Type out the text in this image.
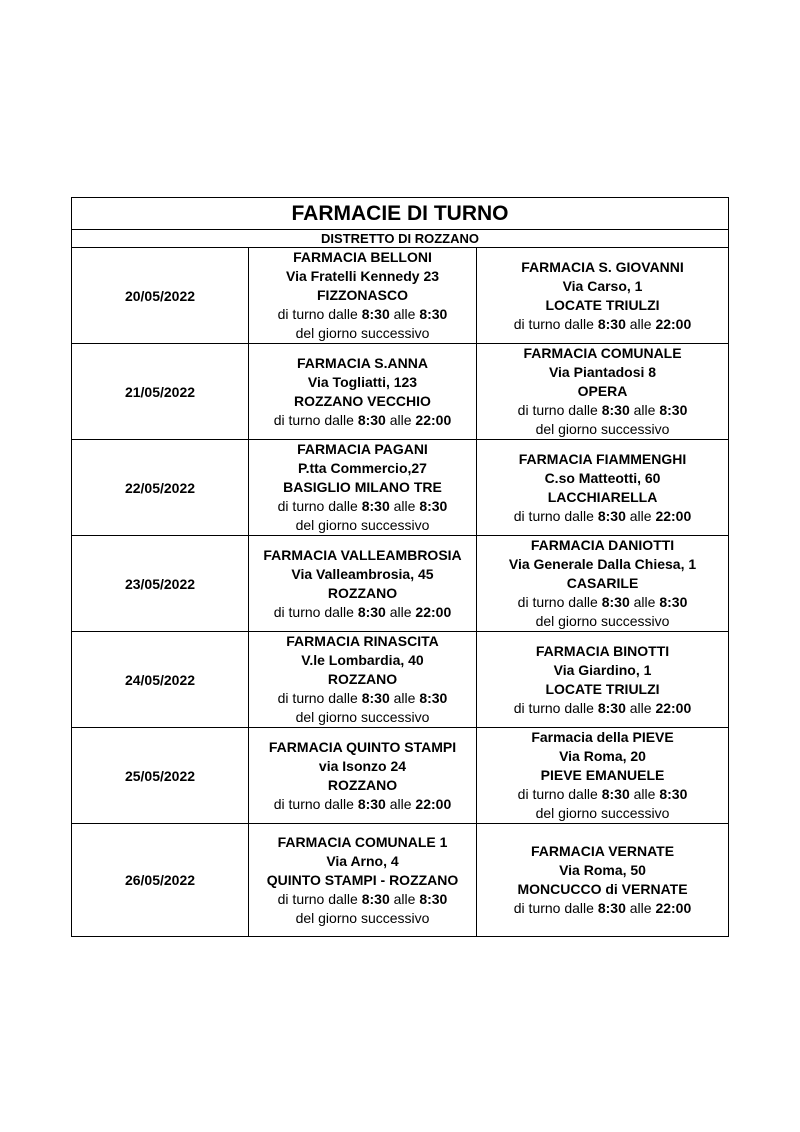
FARMACIE DI TURNO		
DISTRETTO DI ROZZANO		
20/05/2022	FARMACIA BELLONI
Via Fratelli Kennedy 23
FIZZONASCO
di turno dalle 8:30 alle 8:30
del giorno successivo	FARMACIA S. GIOVANNI
Via Carso, 1
LOCATE TRIULZI
di turno dalle 8:30 alle 22:00

21/05/2022	FARMACIA S.ANNA
Via Togliatti, 123
ROZZANO VECCHIO
di turno dalle 8:30 alle 22:00	FARMACIA COMUNALE
Via Piantadosi 8
OPERA
di turno dalle 8:30 alle 8:30
del giorno successivo

22/05/2022	FARMACIA PAGANI
P.tta Commercio,27
BASIGLIO MILANO TRE
di turno dalle 8:30 alle 8:30
del giorno successivo	FARMACIA FIAMMENGHI
C.so Matteotti, 60
LACCHIARELLA
di turno dalle 8:30 alle 22:00

23/05/2022	FARMACIA VALLEAMBROSIA
Via Valleambrosia, 45
ROZZANO
di turno dalle 8:30 alle 22:00	FARMACIA DANIOTTI
Via Generale Dalla Chiesa, 1
CASARILE
di turno dalle 8:30 alle 8:30
del giorno successivo

24/05/2022	FARMACIA RINASCITA
V.le Lombardia, 40
ROZZANO
di turno dalle 8:30 alle 8:30
del giorno successivo	FARMACIA BINOTTI
Via Giardino, 1
LOCATE TRIULZI
di turno dalle 8:30 alle 22:00

25/05/2022	FARMACIA QUINTO STAMPI
via Isonzo 24
ROZZANO
di turno dalle 8:30 alle 22:00	Farmacia della PIEVE
Via Roma, 20
PIEVE EMANUELE
di turno dalle 8:30 alle 8:30
del giorno successivo

26/05/2022	FARMACIA COMUNALE 1
Via Arno, 4
QUINTO STAMPI - ROZZANO
di turno dalle 8:30 alle 8:30
del giorno successivo	FARMACIA VERNATE
Via Roma, 50
MONCUCCO di VERNATE
di turno dalle 8:30 alle 22:00
